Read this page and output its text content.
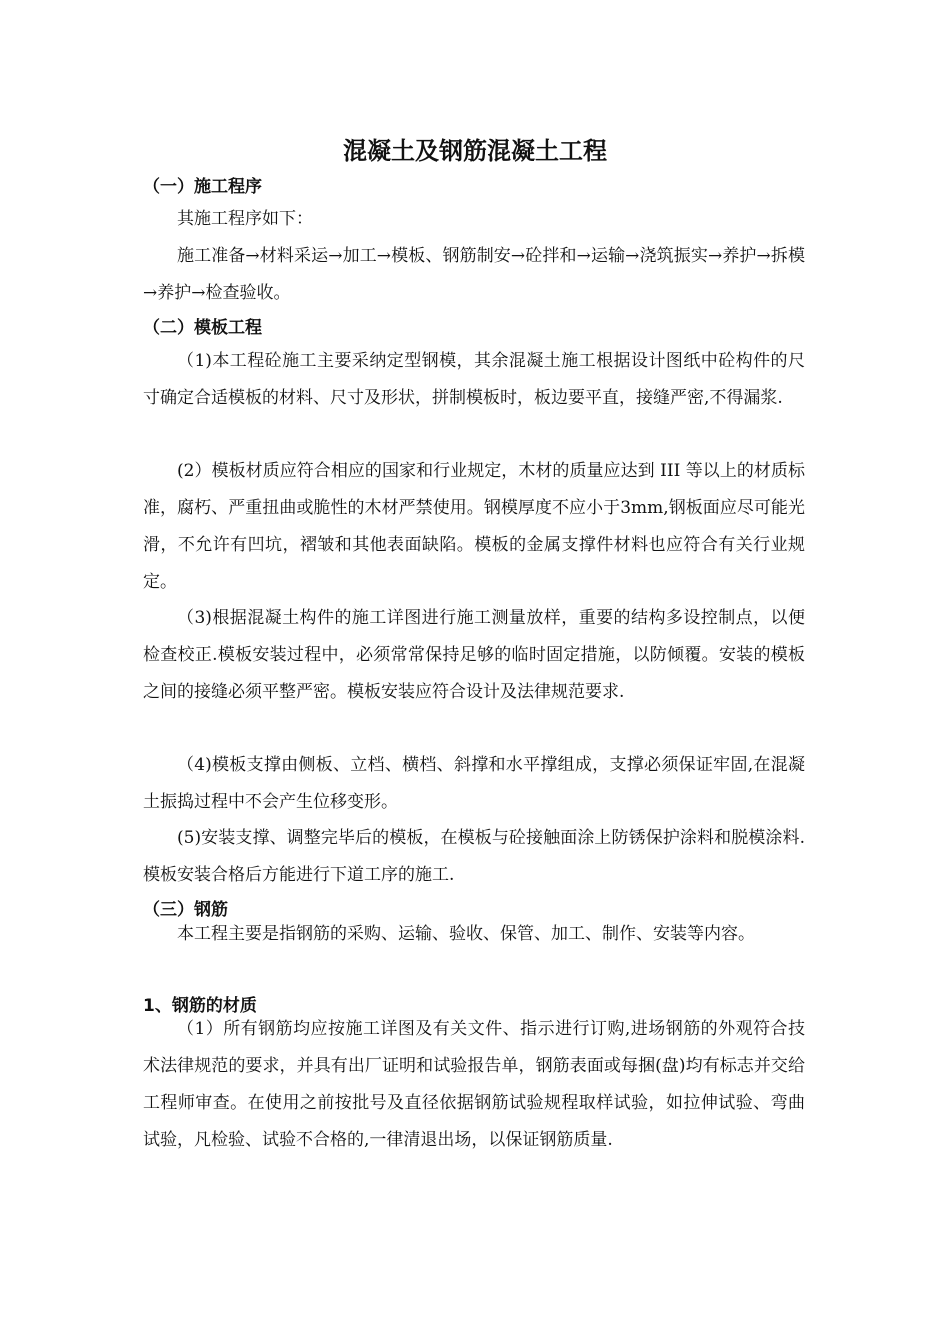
混凝土及钢筋混凝土工程
（一）施工程序
其施工程序如下：
施工准备→材料采运→加工→模板、钢筋制安→砼拌和→运输→浇筑振实→养护→拆模→养护→检查验收。
（二）模板工程
（1)本工程砼施工主要采纳定型钢模，其余混凝土施工根据设计图纸中砼构件的尺寸确定合适模板的材料、尺寸及形状，拼制模板时，板边要平直，接缝严密,不得漏浆.
(2）模板材质应符合相应的国家和行业规定，木材的质量应达到 III 等以上的材质标准，腐朽、严重扭曲或脆性的木材严禁使用。钢模厚度不应小于3mm,钢板面应尽可能光滑，不允许有凹坑，褶皱和其他表面缺陷。模板的金属支撑件材料也应符合有关行业规定。
（3)根据混凝土构件的施工详图进行施工测量放样，重要的结构多设控制点，以便检查校正.模板安装过程中，必须常常保持足够的临时固定措施，以防倾覆。安装的模板之间的接缝必须平整严密。模板安装应符合设计及法律规范要求.
（4)模板支撑由侧板、立档、横档、斜撑和水平撑组成，支撑必须保证牢固,在混凝土振捣过程中不会产生位移变形。
(5)安装支撑、调整完毕后的模板，在模板与砼接触面涂上防锈保护涂料和脱模涂料.模板安装合格后方能进行下道工序的施工.
（三）钢筋
本工程主要是指钢筋的采购、运输、验收、保管、加工、制作、安装等内容。
1、钢筋的材质
（1）所有钢筋均应按施工详图及有关文件、指示进行订购,进场钢筋的外观符合技术法律规范的要求，并具有出厂证明和试验报告单，钢筋表面或每捆(盘)均有标志并交给工程师审查。在使用之前按批号及直径依据钢筋试验规程取样试验，如拉伸试验、弯曲试验，凡检验、试验不合格的,一律清退出场，以保证钢筋质量.
